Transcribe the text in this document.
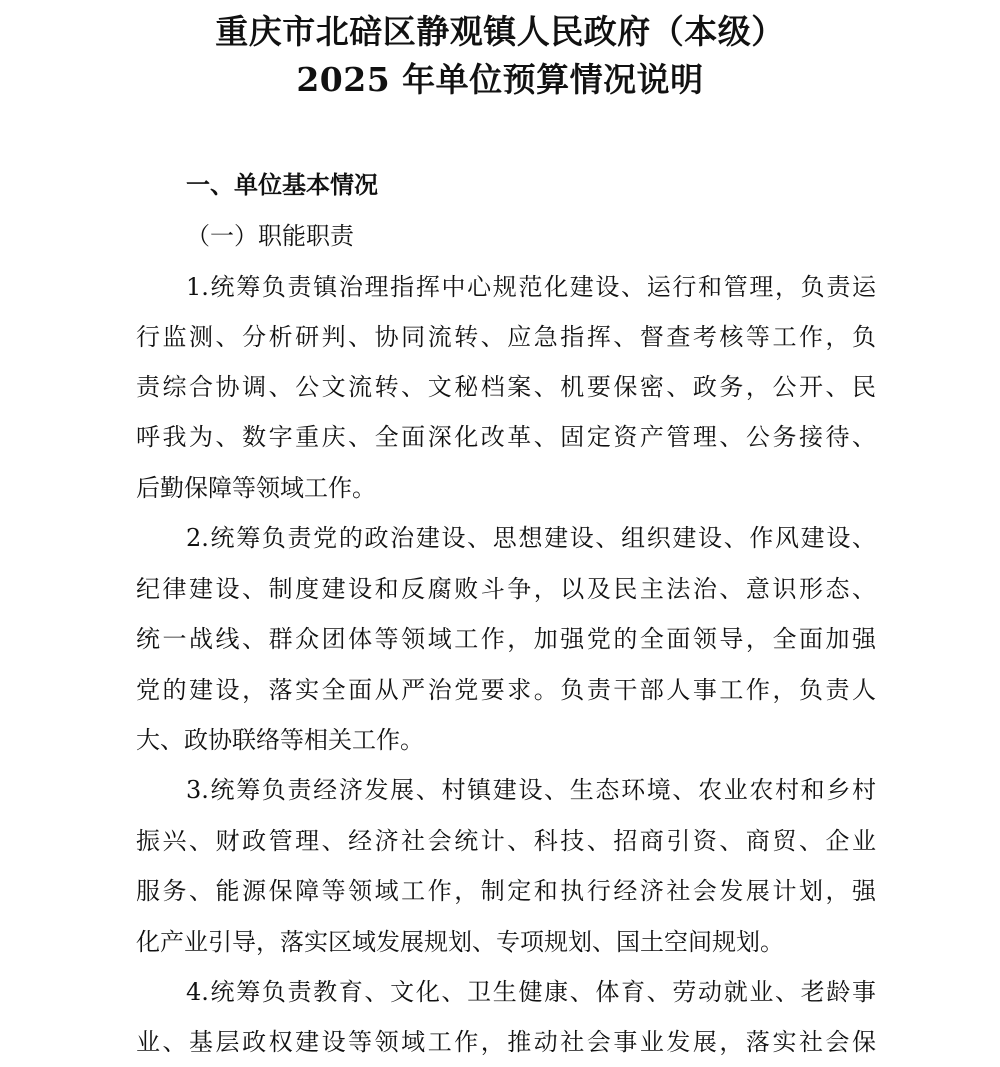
重庆市北碚区静观镇人民政府（本级）
2025 年单位预算情况说明
一、单位基本情况
（一）职能职责
1.统筹负责镇治理指挥中心规范化建设、运行和管理，负责运
行监测、分析研判、协同流转、应急指挥、督查考核等工作，负
责综合协调、公文流转、文秘档案、机要保密、政务，公开、民
呼我为、数字重庆、全面深化改革、固定资产管理、公务接待、
后勤保障等领域工作。
2.统筹负责党的政治建设、思想建设、组织建设、作风建设、
纪律建设、制度建设和反腐败斗争，以及民主法治、意识形态、
统一战线、群众团体等领域工作，加强党的全面领导，全面加强
党的建设，落实全面从严治党要求。负责干部人事工作，负责人
大、政协联络等相关工作。
3.统筹负责经济发展、村镇建设、生态环境、农业农村和乡村
振兴、财政管理、经济社会统计、科技、招商引资、商贸、企业
服务、能源保障等领域工作，制定和执行经济社会发展计划，强
化产业引导，落实区域发展规划、专项规划、国土空间规划。
4.统筹负责教育、文化、卫生健康、体育、劳动就业、老龄事
业、基层政权建设等领域工作，推动社会事业发展，落实社会保
